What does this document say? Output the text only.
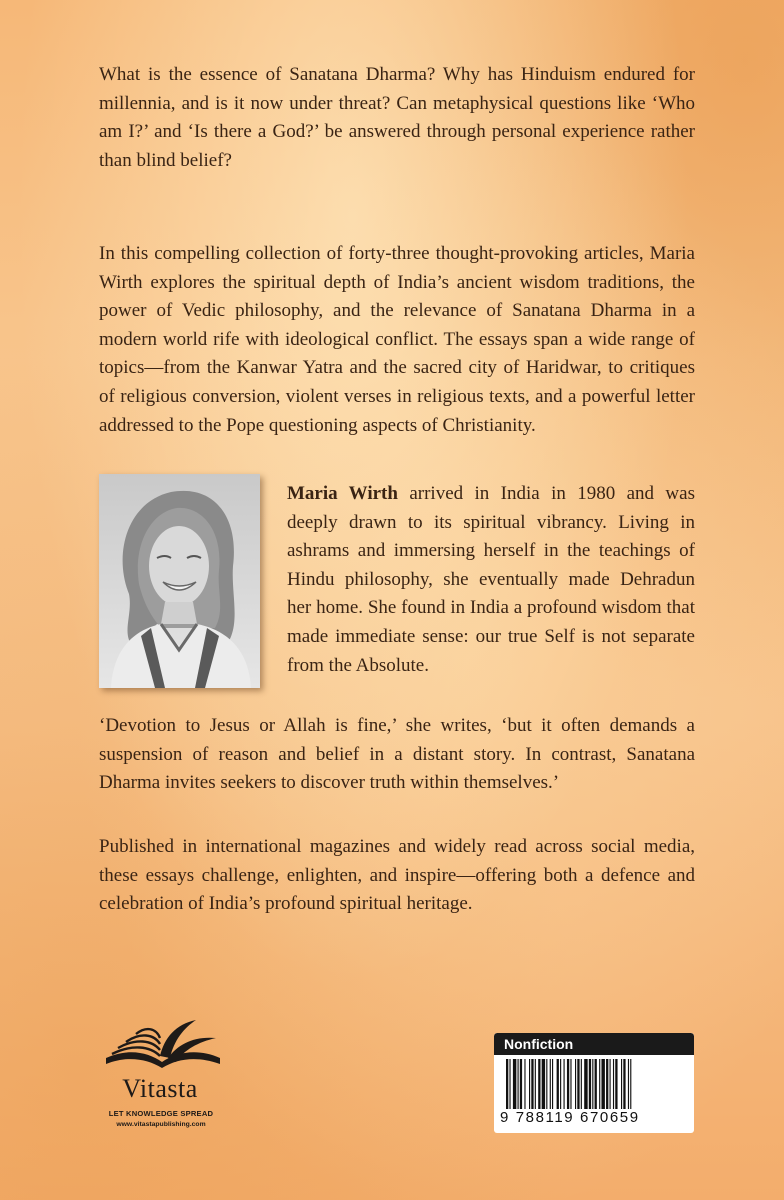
What is the essence of Sanatana Dharma? Why has Hinduism endured for millennia, and is it now under threat? Can metaphysical questions like ‘Who am I?’ and ‘Is there a God?’ be answered through personal experience rather than blind belief?

In this compelling collection of forty-three thought-provoking articles, Maria Wirth explores the spiritual depth of India’s ancient wisdom traditions, the power of Vedic philosophy, and the relevance of Sanatana Dharma in a modern world rife with ideological conflict. The essays span a wide range of topics—from the Kanwar Yatra and the sacred city of Haridwar, to critiques of religious conversion, violent verses in religious texts, and a powerful letter addressed to the Pope questioning aspects of Christianity.

Maria Wirth arrived in India in 1980 and was deeply drawn to its spiritual vibrancy. Living in ashrams and immersing herself in the teachings of Hindu philosophy, she eventually made Dehradun her home. She found in India a profound wisdom that made immediate sense: our true Self is not separate from the Absolute.

‘Devotion to Jesus or Allah is fine,’ she writes, ‘but it often demands a suspension of reason and belief in a distant story. In contrast, Sanatana Dharma invites seekers to discover truth within themselves.’

Published in international magazines and widely read across social media, these essays challenge, enlighten, and inspire—offering both a defence and celebration of India’s profound spiritual heritage.

Vitasta
LET KNOWLEDGE SPREAD
www.vitastapublishing.com
Nonfiction
9 788119 670659
